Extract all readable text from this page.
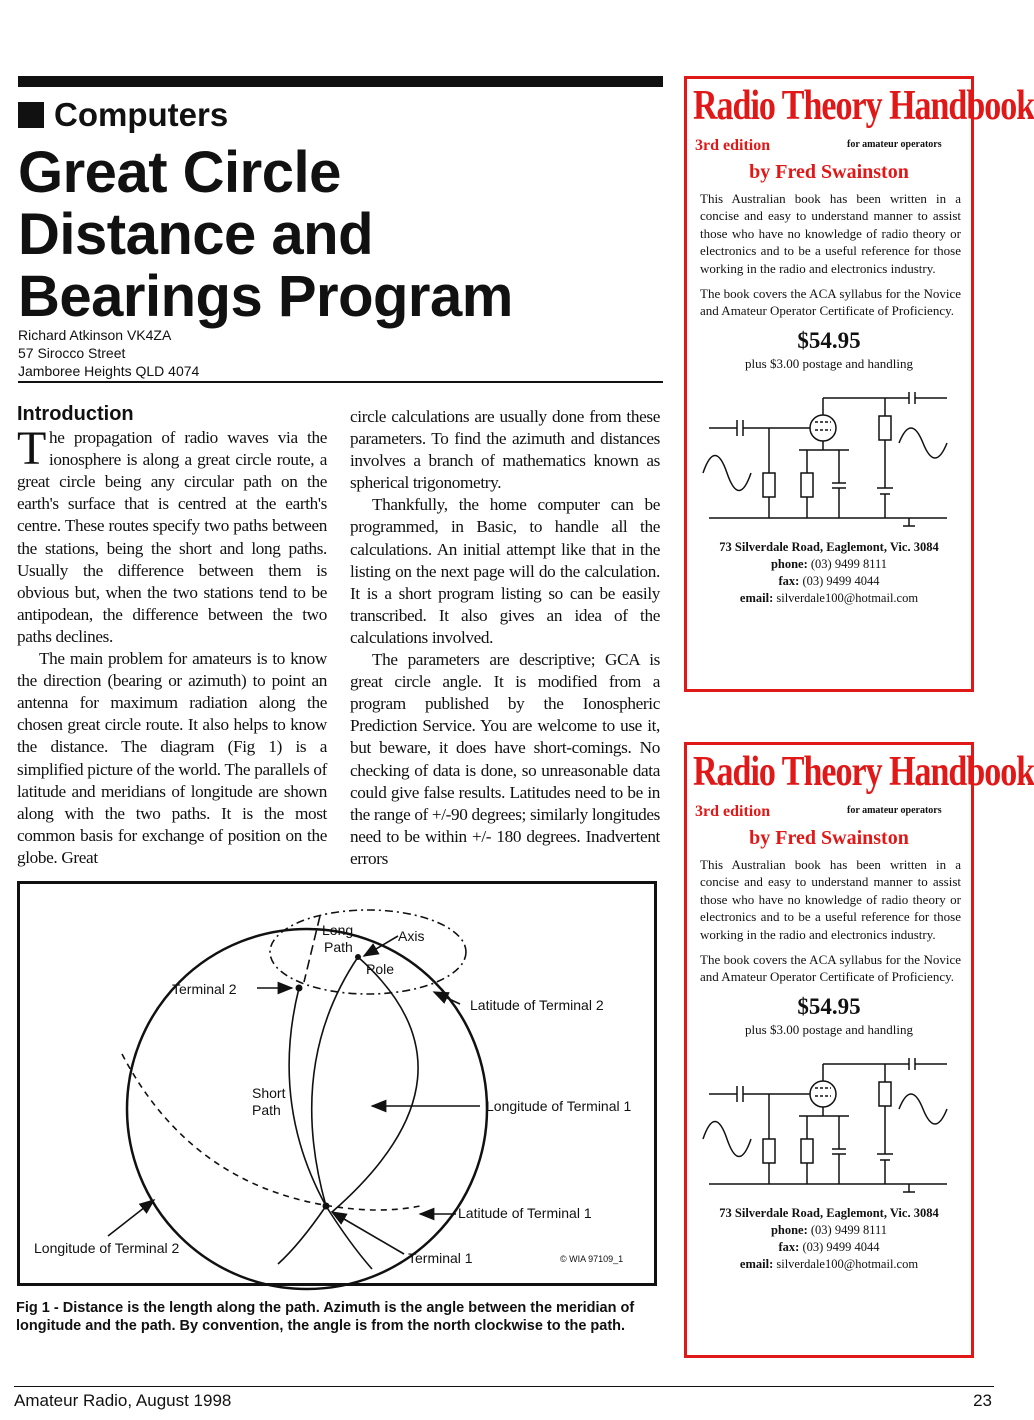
Computers
Great Circle
Distance and
Bearings Program
Richard Atkinson VK4ZA
57 Sirocco Street
Jamboree Heights QLD 4074
Introduction

The propagation of radio waves via the ionosphere is along a great circle route, a great circle being any circular path on the earth's surface that is centred at the earth's centre. These routes specify two paths between the stations, being the short and long paths. Usually the difference between them is obvious but, when the two stations tend to be antipodean, the difference between the two paths declines.

The main problem for amateurs is to know the direction (bearing or azimuth) to point an antenna for maximum radiation along the chosen great circle route. It also helps to know the distance. The diagram (Fig 1) is a simplified picture of the world. The parallels of latitude and meridians of longitude are shown along with the two paths. It is the most common basis for exchange of position on the globe. Great

circle calculations are usually done from these parameters. To find the azimuth and distances involves a branch of mathematics known as spherical trigonometry.

Thankfully, the home computer can be programmed, in Basic, to handle all the calculations. An initial attempt like that in the listing on the next page will do the calculation. It is a short program listing so can be easily transcribed. It also gives an idea of the calculations involved.

The parameters are descriptive; GCA is great circle angle. It is modified from a program published by the Ionospheric Prediction Service. You are welcome to use it, but beware, it does have short-comings. No checking of data is done, so unreasonable data could give false results. Latitudes need to be in the range of +/-90 degrees; similarly longitudes need to be within +/- 180 degrees. Inadvertent errors

Long
Path
Axis
Pole
Terminal 2
Latitude of Terminal 2
Short
Path	Longitude of Terminal 1
Latitude of Terminal 1
Longitude of Terminal 2
Terminal 1	© WIA 97109_1
Fig 1 - Distance is the length along the path. Azimuth is the angle between the meridian of longitude and the path. By convention, the angle is from the north clockwise to the path.
Radio Theory Handbook
3rd edition	for amateur operators
by Fred Swainston

This Australian book has been written in a concise and easy to understand manner to assist those who have no knowledge of radio theory or electronics and to be a useful reference for those working in the radio and electronics industry.

The book covers the ACA syllabus for the Novice and Amateur Operator Certificate of Proficiency.

$54.95
plus $3.00 postage and handling
73 Silverdale Road, Eaglemont, Vic. 3084
phone: (03) 9499 8111
fax: (03) 9499 4044
email: silverdale100@hotmail.com
Radio Theory Handbook
3rd edition	for amateur operators
by Fred Swainston

This Australian book has been written in a concise and easy to understand manner to assist those who have no knowledge of radio theory or electronics and to be a useful reference for those working in the radio and electronics industry.

The book covers the ACA syllabus for the Novice and Amateur Operator Certificate of Proficiency.

$54.95
plus $3.00 postage and handling
73 Silverdale Road, Eaglemont, Vic. 3084
phone: (03) 9499 8111
fax: (03) 9499 4044
email: silverdale100@hotmail.com
Amateur Radio, August 1998	23
